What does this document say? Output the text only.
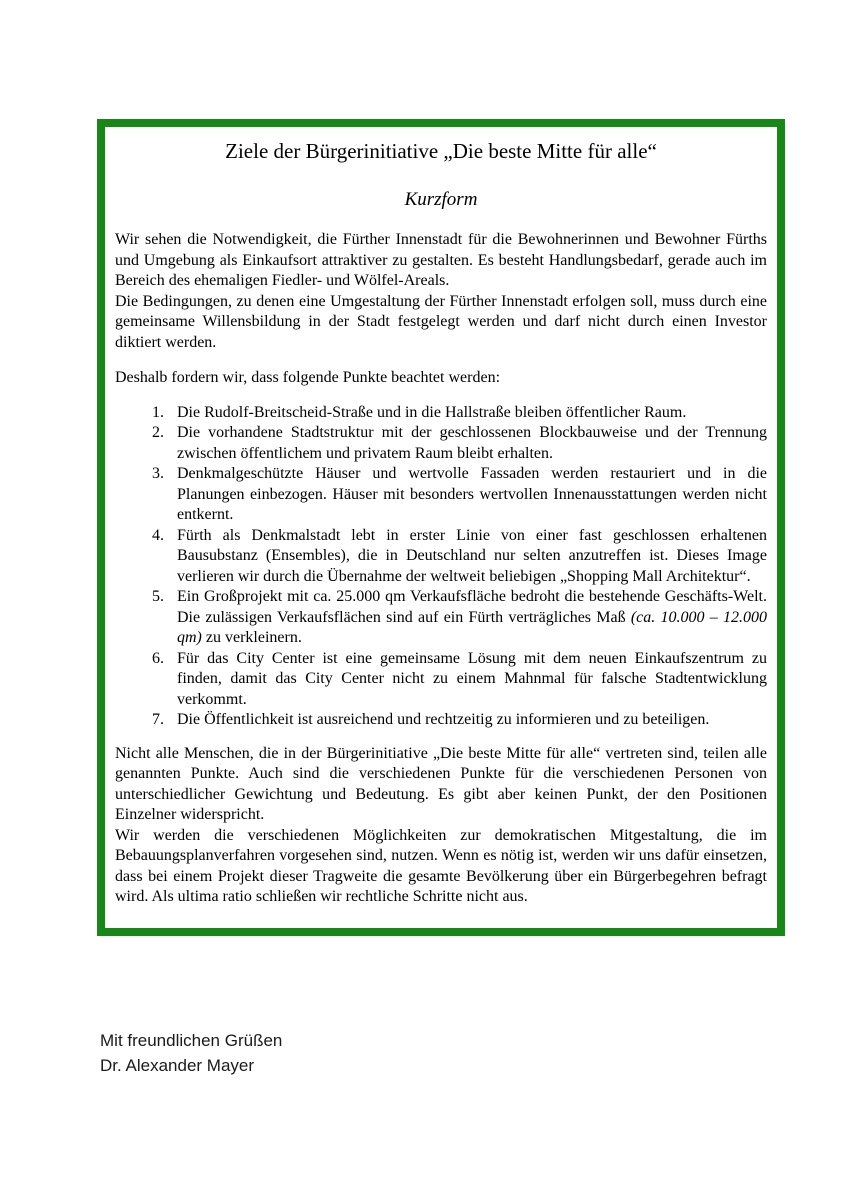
Ziele der Bürgerinitiative „Die beste Mitte für alle“
Kurzform

Wir sehen die Notwendigkeit, die Fürther Innenstadt für die Bewohnerinnen und Bewohner Fürths und Umgebung als Einkaufsort attraktiver zu gestalten. Es besteht Handlungsbedarf, gerade auch im Bereich des ehemaligen Fiedler- und Wölfel-Areals.

Die Bedingungen, zu denen eine Umgestaltung der Fürther Innenstadt erfolgen soll, muss durch eine gemeinsame Willensbildung in der Stadt festgelegt werden und darf nicht durch einen Investor diktiert werden.

Deshalb fordern wir, dass folgende Punkte beachtet werden:

1. Die Rudolf-Breitscheid-Straße und in die Hallstraße bleiben öffentlicher Raum.
2. Die vorhandene Stadtstruktur mit der geschlossenen Blockbauweise und der Trennung zwischen öffentlichem und privatem Raum bleibt erhalten.
3. Denkmalgeschützte Häuser und wertvolle Fassaden werden restauriert und in die Planungen einbezogen. Häuser mit besonders wertvollen Innenausstattungen werden nicht entkernt.
4. Fürth als Denkmalstadt lebt in erster Linie von einer fast geschlossen erhaltenen Bausubstanz (Ensembles), die in Deutschland nur selten anzutreffen ist. Dieses Image verlieren wir durch die Übernahme der weltweit beliebigen „Shopping Mall Architektur“.
5. Ein Großprojekt mit ca. 25.000 qm Verkaufsfläche bedroht die bestehende Geschäfts-Welt. Die zulässigen Verkaufsflächen sind auf ein Fürth verträgliches Maß (ca. 10.000 – 12.000 qm) zu verkleinern.
6. Für das City Center ist eine gemeinsame Lösung mit dem neuen Einkaufszentrum zu finden, damit das City Center nicht zu einem Mahnmal für falsche Stadtentwicklung verkommt.
7. Die Öffentlichkeit ist ausreichend und rechtzeitig zu informieren und zu beteiligen.

Nicht alle Menschen, die in der Bürgerinitiative „Die beste Mitte für alle“ vertreten sind, teilen alle genannten Punkte. Auch sind die verschiedenen Punkte für die verschiedenen Personen von unterschiedlicher Gewichtung und Bedeutung. Es gibt aber keinen Punkt, der den Positionen Einzelner widerspricht.

Wir werden die verschiedenen Möglichkeiten zur demokratischen Mitgestaltung, die im Bebauungsplanverfahren vorgesehen sind, nutzen. Wenn es nötig ist, werden wir uns dafür einsetzen, dass bei einem Projekt dieser Tragweite die gesamte Bevölkerung über ein Bürgerbegehren befragt wird. Als ultima ratio schließen wir rechtliche Schritte nicht aus.

Mit freundlichen Grüßen
Dr. Alexander Mayer
